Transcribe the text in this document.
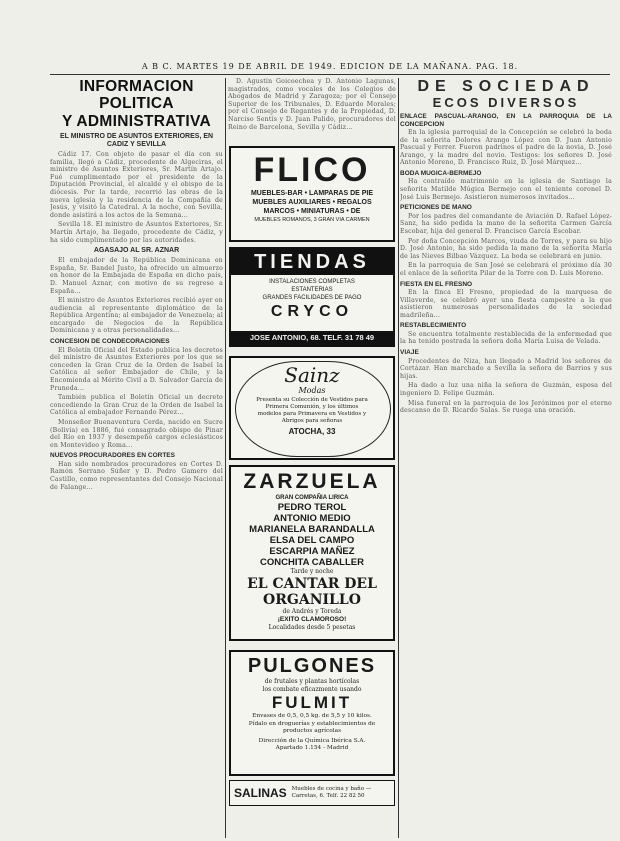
A B C. MARTES 19 DE ABRIL DE 1949. EDICION DE LA MAÑANA. PAG. 18.
INFORMACION POLITICA
Y ADMINISTRATIVA
EL MINISTRO DE ASUNTOS EXTERIORES, EN CADIZ Y SEVILLA

Cádiz 17. Con objeto de pasar el día con su familia, llegó a Cádiz, procedente de Algeciras, el ministro de Asuntos Exteriores, Sr. Martín Artajo. Fué cumplimentado por el presidente de la Diputación Provincial, el alcalde y el obispo de la diócesis. Por la tarde, recorrió las obras de la nueva iglesia y la residencia de la Compañía de Jesús, y visitó la Catedral. A la noche, con Sevilla, donde asistirá a los actos de la Semana...

Sevilla 18. El ministro de Asuntos Exteriores, Sr. Martín Artajo, ha llegado, procedente de Cádiz, y ha sido cumplimentado por las autoridades.

AGASAJO AL SR. AZNAR

El embajador de la República Dominicana en España, Sr. Bandel Justo, ha ofrecido un almuerzo en honor de la Embajada de España en dicho país, D. Manuel Aznar, con motivo de su regreso a España...

El ministro de Asuntos Exteriores recibió ayer en audiencia al representante diplomático de la República Argentina; al embajador de Venezuela; al encargado de Negocios de la República Dominicana y a otras personalidades...

CONCESION DE CONDECORACIONES

El Boletín Oficial del Estado publica los decretos del ministro de Asuntos Exteriores por los que se conceden la Gran Cruz de la Orden de Isabel la Católica al señor Embajador de Chile, y la Encomienda al Mérito Civil a D. Salvador García de Pruneda...

También publica el Boletín Oficial un decreto concediendo la Gran Cruz de la Orden de Isabel la Católica al embajador Fernando Pérez...

Monseñor Buenaventura Cerda, nacido en Sucre (Bolivia) en 1886, fué consagrado obispo de Pinar del Río en 1937 y desempeñó cargos eclesiásticos en Montevideo y Roma...

NUEVOS PROCURADORES EN CORTES

Han sido nombrados procuradores en Cortes D. Ramón Serrano Súñer y D. Pedro Gamero del Castillo, como representantes del Consejo Nacional de Falange...

D. Agustín Goicoechea y D. Antonio Lagunas, magistrados, como vocales de los Colegios de Abogados de Madrid y Zaragoza; por el Consejo Superior de los Tribunales, D. Eduardo Morales; por el Consejo de Regantes y de la Propiedad, D. Narciso Sentís y D. Juan Pulido, procuradores del Reino de Barcelona, Sevilla y Cádiz...

FLICO
MUEBLES-BAR • LAMPARAS DE PIE
MUEBLES AUXILIARES • REGALOS
MARCOS • MINIATURAS • DE
MUEBLES ROMANOS, 3 GRAN VIA CARMEN
TIENDAS
INSTALACIONES COMPLETAS
ESTANTERIAS
GRANDES FACILIDADES DE PAGO
CRYCO
JOSE ANTONIO, 68. TELF. 31 78 49
Sainz
Modas
Presenta su Colección de Vestidos para Primera Comunión, y los últimos modelos para Primavera en Vestidos y Abrigos para señoras
ATOCHA, 33
ZARZUELA
GRAN COMPAÑIA LIRICA
PEDRO TEROL
ANTONIO MEDIO
MARIANELA BARANDALLA
ELSA DEL CAMPO
ESCARPIA MAÑEZ
CONCHITA CABALLER
Tarde y noche
EL CANTAR DEL ORGANILLO
de Andrés y Toreda
¡EXITO CLAMOROSO!
Localidades desde 5 pesetas
PULGONES
de frutales y plantas hortícolas
los combate eficazmente usando
FULMIT
Envases de 0,5, 0,5 kg. de 5,5 y 10 kilos.
Pídalo en droguerías y establecimientos de productos agrícolas
Dirección de la Química Ibérica S.A.
Apartado 1.154 - Madrid
SALINAS Muebles de cocina y baño — Carretas, 6. Telf. 22 82 50
DE SOCIEDAD
ECOS DIVERSOS
ENLACE PASCUAL-ARANGO, EN LA PARROQUIA DE LA CONCEPCION

En la iglesia parroquial de la Concepción se celebró la boda de la señorita Dolores Arango López con D. Juan Antonio Pascual y Ferrer. Fueron padrinos el padre de la novia, D. José Arango, y la madre del novio. Testigos: los señores D. José Antonio Moreno, D. Francisco Ruiz, D. José Márquez...

BODA MUGICA-BERMEJO

Ha contraído matrimonio en la iglesia de Santiago la señorita Matilde Múgica Bermejo con el teniente coronel D. José Luis Bermejo. Asistieron numerosos invitados...

PETICIONES DE MANO

Por los padres del comandante de Aviación D. Rafael López-Sanz, ha sido pedida la mano de la señorita Carmen García Escobar, hija del general D. Francisco García Escobar.

Por doña Concepción Marcos, viuda de Torres, y para su hijo D. José Antonio, ha sido pedida la mano de la señorita María de las Nieves Bilbao Vázquez. La boda se celebrará en junio.

En la parroquia de San José se celebrará el próximo día 30 el enlace de la señorita Pilar de la Torre con D. Luis Moreno.

FIESTA EN EL FRESNO

En la finca El Fresno, propiedad de la marquesa de Villaverde, se celebró ayer una fiesta campestre a la que asistieron numerosas personalidades de la sociedad madrileña...

RESTABLECIMIENTO

Se encuentra totalmente restablecida de la enfermedad que la ha tenido postrada la señora doña María Luisa de Velada.

VIAJE

Procedentes de Niza, han llegado a Madrid los señores de Cortázar. Han marchado a Sevilla la señora de Barrios y sus hijas.

Ha dado a luz una niña la señora de Guzmán, esposa del ingeniero D. Felipe Guzmán.

Misa funeral en la parroquia de los Jerónimos por el eterno descanso de D. Ricardo Salas. Se ruega una oración.
